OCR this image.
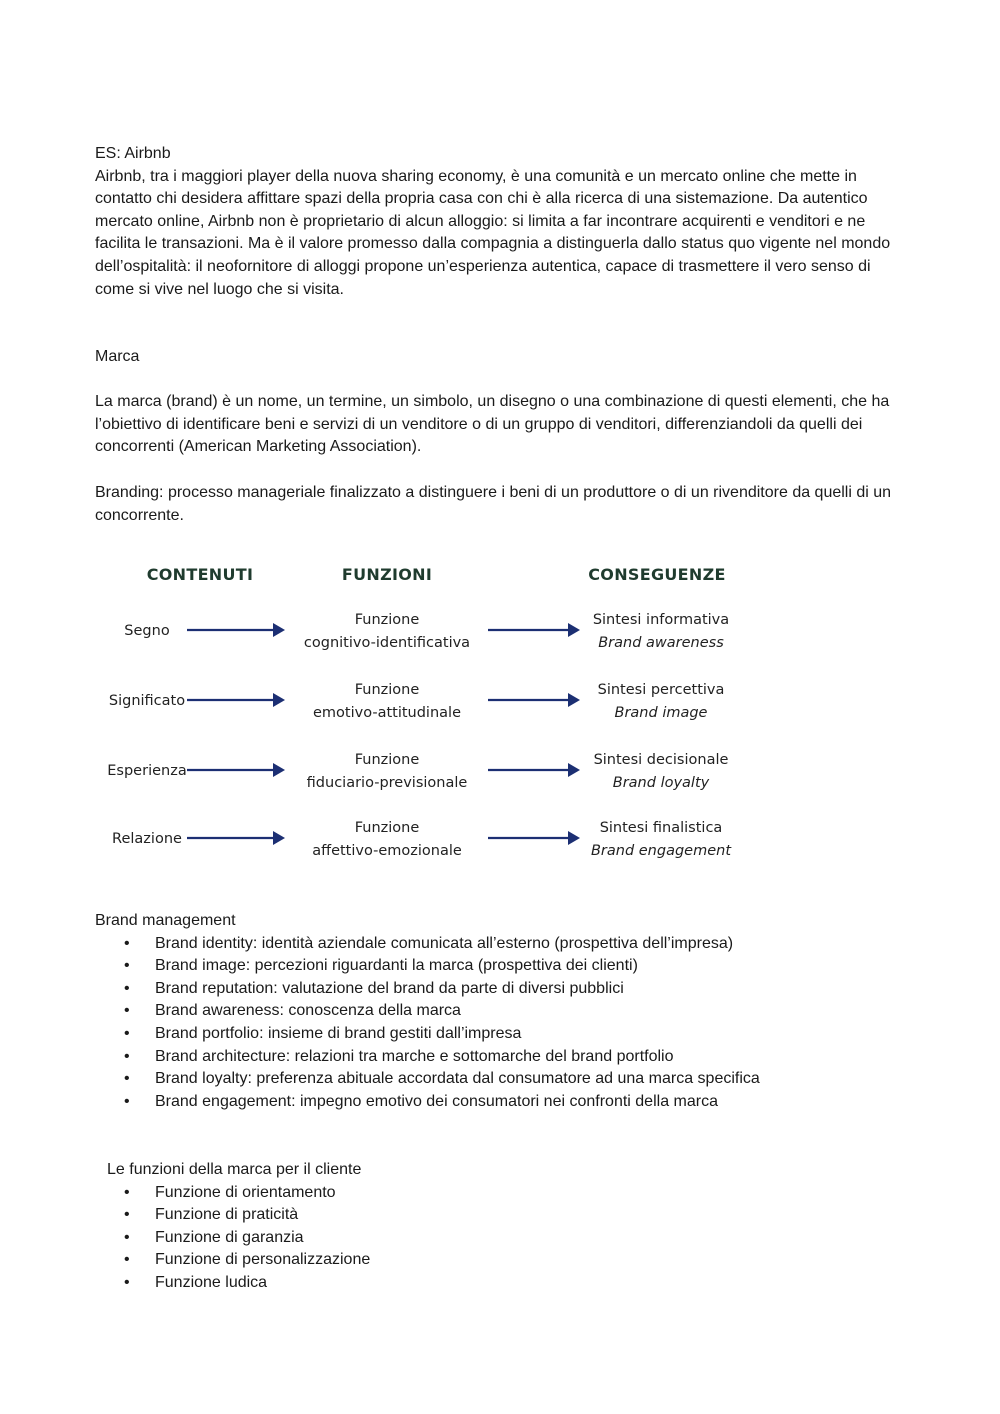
ES: Airbnb

Airbnb, tra i maggiori player della nuova sharing economy, è una comunità e un mercato online che mette in contatto chi desidera affittare spazi della propria casa con chi è alla ricerca di una sistemazione. Da autentico mercato online, Airbnb non è proprietario di alcun alloggio: si limita a far incontrare acquirenti e venditori e ne facilita le transazioni. Ma è il valore promesso dalla compagnia a distinguerla dallo status quo vigente nel mondo dell’ospitalità: il neofornitore di alloggi propone un’esperienza autentica, capace di trasmettere il vero senso di come si vive nel luogo che si visita.

Marca
La marca (brand) è un nome, un termine, un simbolo, un disegno o una combinazione di questi elementi, che ha l’obiettivo di identificare beni e servizi di un venditore o di un gruppo di venditori, differenziandoli da quelli dei concorrenti (American Marketing Association).
Branding: processo manageriale finalizzato a distinguere i beni di un produttore o di un rivenditore da quelli di un concorrente.
CONTENUTI	FUNZIONI	CONSEGUENZE
Segno
Funzione
cognitivo-identificativa
Sintesi informativa
Brand awareness
Significato
Funzione
emotivo-attitudinale
Sintesi percettiva
Brand image
Esperienza
Funzione
fiduciario-previsionale
Sintesi decisionale
Brand loyalty
Relazione
Funzione
affettivo-emozionale
Sintesi finalistica
Brand engagement

Brand management

• Brand identity: identità aziendale comunicata all’esterno (prospettiva dell’impresa)
• Brand image: percezioni riguardanti la marca (prospettiva dei clienti)
• Brand reputation: valutazione del brand da parte di diversi pubblici
• Brand awareness: conoscenza della marca
• Brand portfolio: insieme di brand gestiti dall’impresa
• Brand architecture: relazioni tra marche e sottomarche del brand portfolio
• Brand loyalty: preferenza abituale accordata dal consumatore ad una marca specifica
• Brand engagement: impegno emotivo dei consumatori nei confronti della marca

Le funzioni della marca per il cliente

• Funzione di orientamento
• Funzione di praticità
• Funzione di garanzia
• Funzione di personalizzazione
• Funzione ludica
